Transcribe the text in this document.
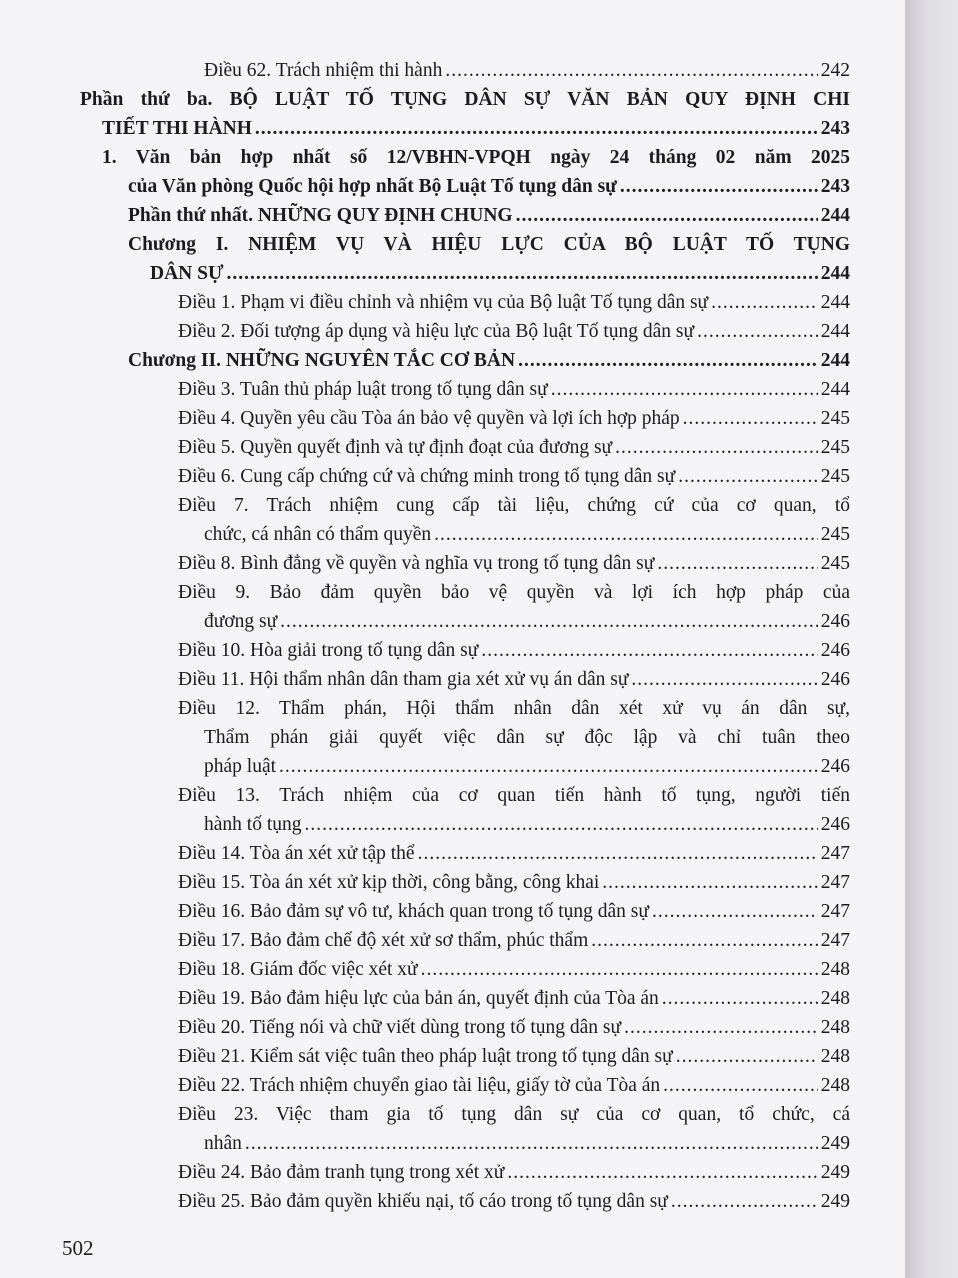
Điều 62. Trách nhiệm thi hành .....	242
Phần thứ ba. BỘ LUẬT TỐ TỤNG DÂN SỰ VĂN BẢN QUY ĐỊNH CHI
TIẾT THI HÀNH .....	243
1. Văn bản hợp nhất số 12/VBHN-VPQH ngày 24 tháng 02 năm 2025
của Văn phòng Quốc hội hợp nhất Bộ Luật Tố tụng dân sự .....	243
Phần thứ nhất. NHỮNG QUY ĐỊNH CHUNG .....	244
Chương I. NHIỆM VỤ VÀ HIỆU LỰC CỦA BỘ LUẬT TỐ TỤNG
DÂN SỰ .....	244
Điều 1. Phạm vi điều chỉnh và nhiệm vụ của Bộ luật Tố tụng dân sự .....	244
Điều 2. Đối tượng áp dụng và hiệu lực của Bộ luật Tố tụng dân sự .....	244
Chương II. NHỮNG NGUYÊN TẮC CƠ BẢN .....	244
Điều 3. Tuân thủ pháp luật trong tố tụng dân sự .....	244
Điều 4. Quyền yêu cầu Tòa án bảo vệ quyền và lợi ích hợp pháp .....	245
Điều 5. Quyền quyết định và tự định đoạt của đương sự .....	245
Điều 6. Cung cấp chứng cứ và chứng minh trong tố tụng dân sự .....	245
Điều 7. Trách nhiệm cung cấp tài liệu, chứng cứ của cơ quan, tổ
chức, cá nhân có thẩm quyền .....	245
Điều 8. Bình đẳng về quyền và nghĩa vụ trong tố tụng dân sự .....	245
Điều 9. Bảo đảm quyền bảo vệ quyền và lợi ích hợp pháp của
đương sự .....	246
Điều 10. Hòa giải trong tố tụng dân sự .....	246
Điều 11. Hội thẩm nhân dân tham gia xét xử vụ án dân sự .....	246
Điều 12. Thẩm phán, Hội thẩm nhân dân xét xử vụ án dân sự,
Thẩm phán giải quyết việc dân sự độc lập và chỉ tuân theo
pháp luật .....	246
Điều 13. Trách nhiệm của cơ quan tiến hành tố tụng, người tiến
hành tố tụng .....	246
Điều 14. Tòa án xét xử tập thể .....	247
Điều 15. Tòa án xét xử kịp thời, công bằng, công khai .....	247
Điều 16. Bảo đảm sự vô tư, khách quan trong tố tụng dân sự .....	247
Điều 17. Bảo đảm chế độ xét xử sơ thẩm, phúc thẩm .....	247
Điều 18. Giám đốc việc xét xử .....	248
Điều 19. Bảo đảm hiệu lực của bản án, quyết định của Tòa án .....	248
Điều 20. Tiếng nói và chữ viết dùng trong tố tụng dân sự .....	248
Điều 21. Kiểm sát việc tuân theo pháp luật trong tố tụng dân sự .....	248
Điều 22. Trách nhiệm chuyển giao tài liệu, giấy tờ của Tòa án .....	248
Điều 23. Việc tham gia tố tụng dân sự của cơ quan, tổ chức, cá
nhân .....	249
Điều 24. Bảo đảm tranh tụng trong xét xử .....	249
Điều 25. Bảo đảm quyền khiếu nại, tố cáo trong tố tụng dân sự .....	249
502
